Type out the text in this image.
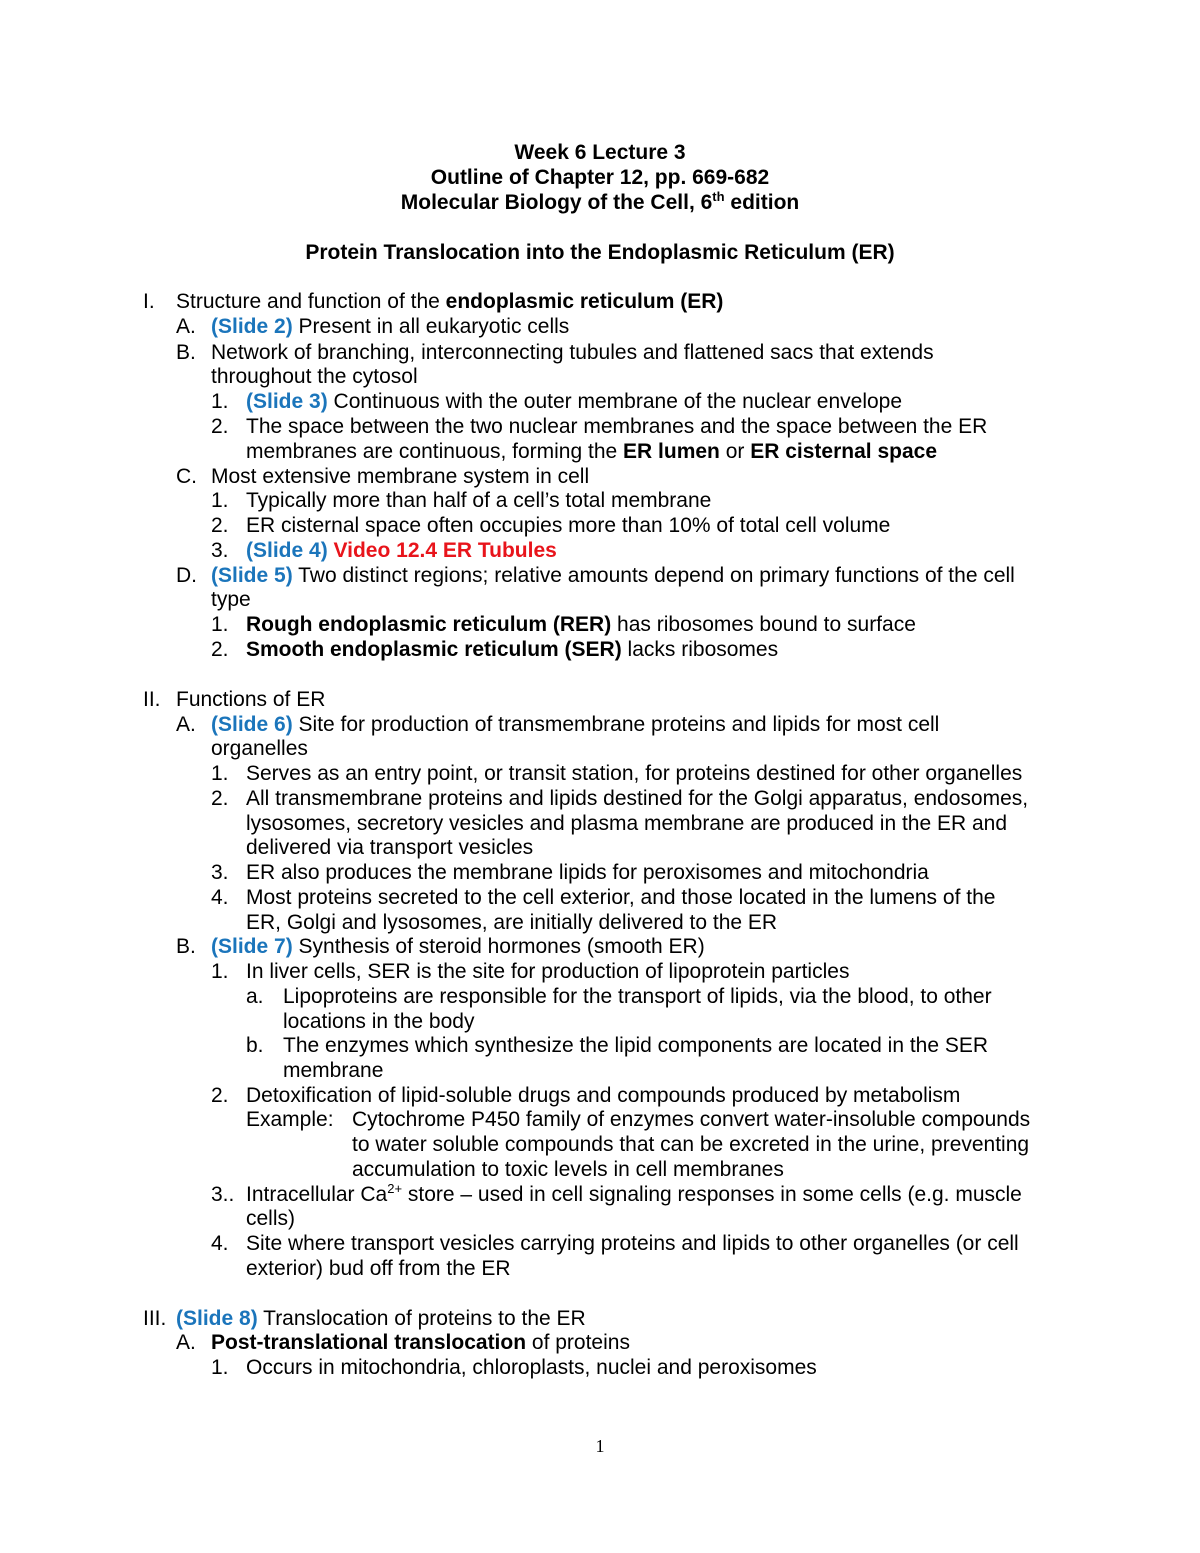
Week 6 Lecture 3
Outline of Chapter 12, pp. 669-682
Molecular Biology of the Cell, 6th edition
Protein Translocation into the Endoplasmic Reticulum (ER)
I. Structure and function of the endoplasmic reticulum (ER)
A. (Slide 2) Present in all eukaryotic cells
B. Network of branching, interconnecting tubules and flattened sacs that extends
throughout the cytosol
1. (Slide 3) Continuous with the outer membrane of the nuclear envelope
2. The space between the two nuclear membranes and the space between the ER
membranes are continuous, forming the ER lumen or ER cisternal space
C. Most extensive membrane system in cell
1. Typically more than half of a cell’s total membrane
2. ER cisternal space often occupies more than 10% of total cell volume
3. (Slide 4) Video 12.4 ER Tubules
D. (Slide 5) Two distinct regions; relative amounts depend on primary functions of the cell
type
1. Rough endoplasmic reticulum (RER) has ribosomes bound to surface
2. Smooth endoplasmic reticulum (SER) lacks ribosomes
II. Functions of ER
A. (Slide 6) Site for production of transmembrane proteins and lipids for most cell
organelles
1. Serves as an entry point, or transit station, for proteins destined for other organelles
2. All transmembrane proteins and lipids destined for the Golgi apparatus, endosomes,
lysosomes, secretory vesicles and plasma membrane are produced in the ER and
delivered via transport vesicles
3. ER also produces the membrane lipids for peroxisomes and mitochondria
4. Most proteins secreted to the cell exterior, and those located in the lumens of the
ER, Golgi and lysosomes, are initially delivered to the ER
B. (Slide 7) Synthesis of steroid hormones (smooth ER)
1. In liver cells, SER is the site for production of lipoprotein particles
a. Lipoproteins are responsible for the transport of lipids, via the blood, to other
locations in the body
b. The enzymes which synthesize the lipid components are located in the SER
membrane
2. Detoxification of lipid-soluble drugs and compounds produced by metabolism
Example: Cytochrome P450 family of enzymes convert water-insoluble compounds
to water soluble compounds that can be excreted in the urine, preventing
accumulation to toxic levels in cell membranes
3.. Intracellular $Ca^{2+}$ store – used in cell signaling responses in some cells (e.g. muscle
cells)
4. Site where transport vesicles carrying proteins and lipids to other organelles (or cell
exterior) bud off from the ER
III. (Slide 8) Translocation of proteins to the ER
A. Post-translational translocation of proteins
1. Occurs in mitochondria, chloroplasts, nuclei and peroxisomes
1
